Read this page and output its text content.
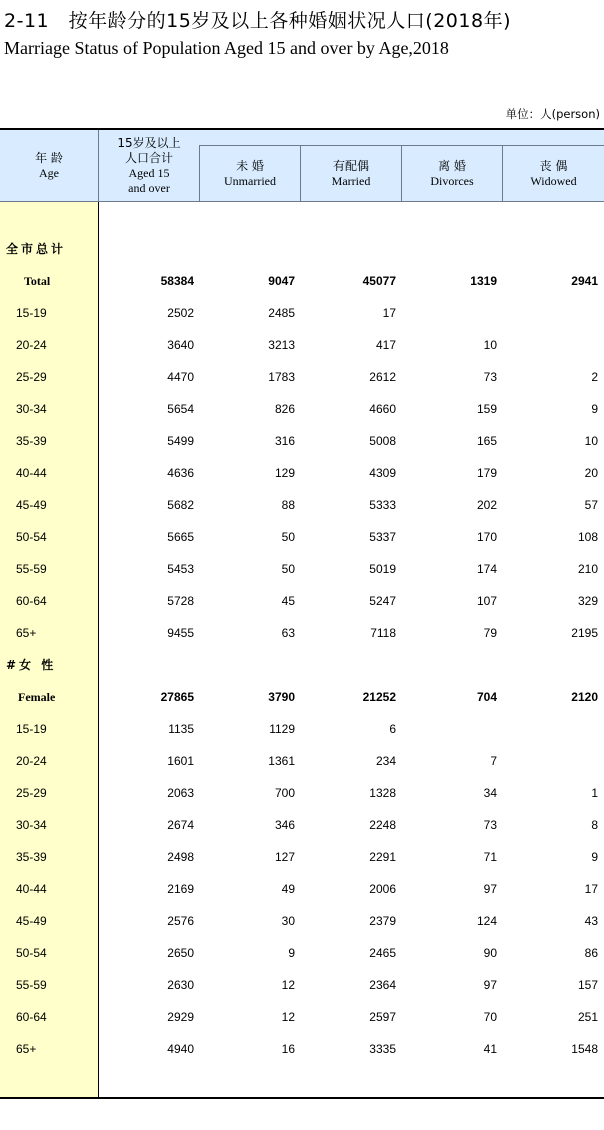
2-11　按年龄分的15岁及以上各种婚姻状况人口(2018年)
Marriage Status of Population Aged 15 and over by Age,2018
单位：人(person)
年 龄
Age
15岁及以上
人口合计
Aged 15
and over
未 婚
Unmarried
有配偶
Married
离 婚
Divorces
丧 偶
Widowed
全市总计
Total	58384	9047	45077	1319	2941
15-19	2502	2485	17
20-24	3640	3213	417	10
25-29	4470	1783	2612	73	2
30-34	5654	826	4660	159	9
35-39	5499	316	5008	165	10
40-44	4636	129	4309	179	20
45-49	5682	88	5333	202	57
50-54	5665	50	5337	170	108
55-59	5453	50	5019	174	210
60-64	5728	45	5247	107	329
65+	9455	63	7118	79	2195
#女 性
Female	27865	3790	21252	704	2120
15-19	1135	1129	6
20-24	1601	1361	234	7
25-29	2063	700	1328	34	1
30-34	2674	346	2248	73	8
35-39	2498	127	2291	71	9
40-44	2169	49	2006	97	17
45-49	2576	30	2379	124	43
50-54	2650	9	2465	90	86
55-59	2630	12	2364	97	157
60-64	2929	12	2597	70	251
65+	4940	16	3335	41	1548
